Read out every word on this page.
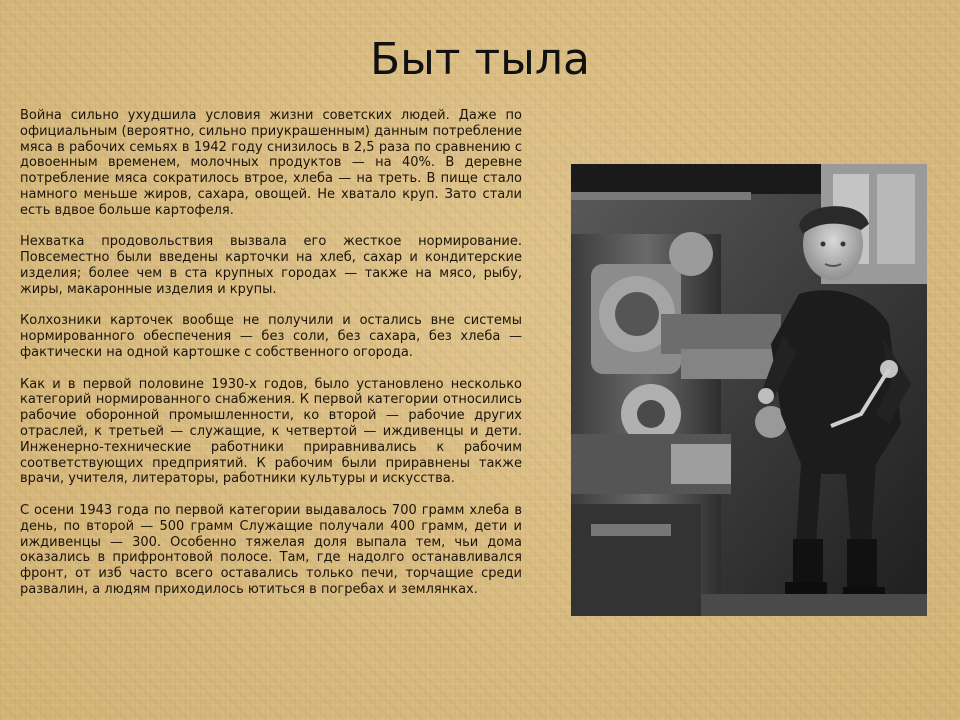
Быт тыла

Война сильно ухудшила условия жизни советских людей. Даже по официальным (вероятно, сильно приукрашенным) данным потребление мяса в рабочих семьях в 1942 году снизилось в 2,5 раза по сравнению с довоенным временем, молочных продуктов — на 40%. В деревне потребление мяса сократилось втрое, хлеба — на треть. В пище стало намного меньше жиров, сахара, овощей. Не хватало круп. Зато стали есть вдвое больше картофеля.

Нехватка продовольствия вызвала его жесткое нормирование. Повсеместно были введены карточки на хлеб, сахар и кондитерские изделия; более чем в ста крупных городах — также на мясо, рыбу, жиры, макаронные изделия и крупы.

Колхозники карточек вообще не получили и остались вне системы нормированного обеспечения — без соли, без сахара, без хлеба — фактически на одной картошке с собственного огорода.

Как и в первой половине 1930-х годов, было установлено несколько категорий нормированного снабжения. К первой категории относились рабочие оборонной промышленности, ко второй — рабочие других отраслей, к третьей — служащие, к четвертой — иждивенцы и дети. Инженерно-технические работники приравнивались к рабочим соответствующих предприятий. К рабочим были приравнены также врачи, учителя, литераторы, работники культуры и искусства.

С осени 1943 года по первой категории выдавалось 700 грамм хлеба в день, по второй — 500 грамм Служащие получали 400 грамм, дети и иждивенцы — 300. Особенно тяжелая доля выпала тем, чьи дома оказались в прифронтовой полосе. Там, где надолго останавливался фронт, от изб часто всего оставались только печи, торчащие среди развалин, а людям приходилось ютиться в погребах и землянках.
